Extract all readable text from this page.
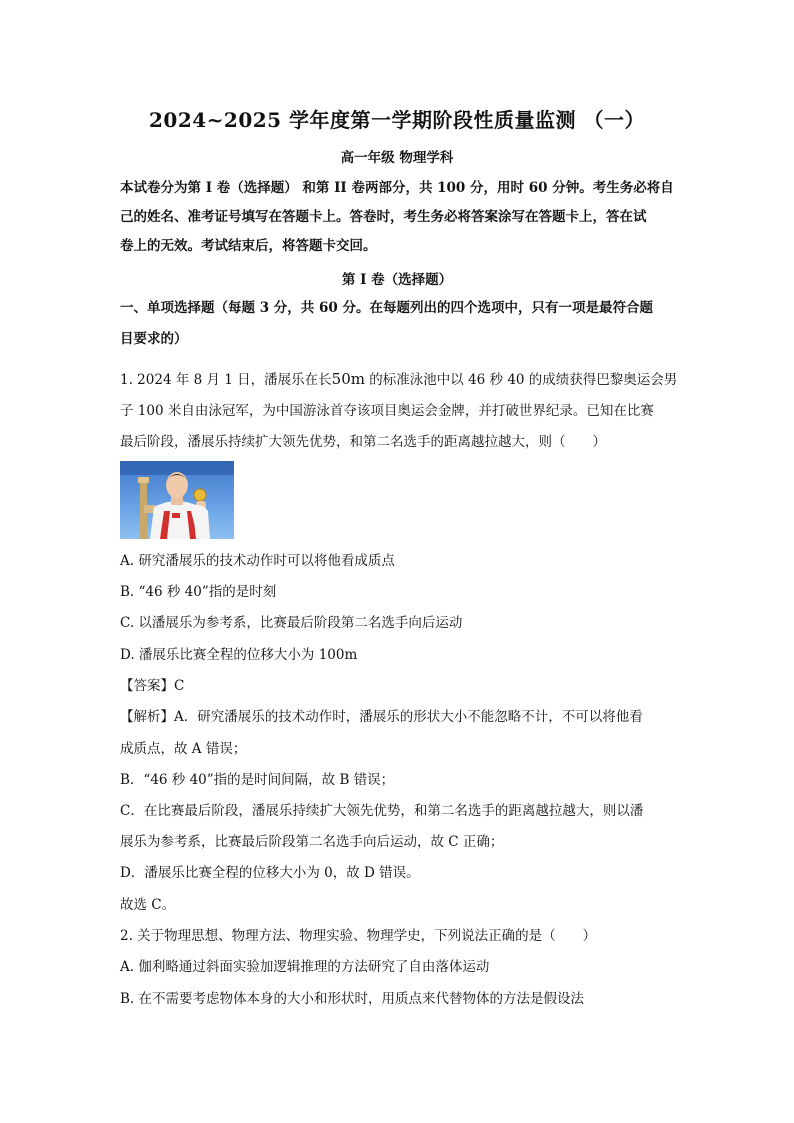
2024~2025 学年度第一学期阶段性质量监测 （一）
高一年级 物理学科
本试卷分为第 I 卷（选择题） 和第 II 卷两部分，共 100 分，用时 60 分钟。考生务必将自
己的姓名、准考证号填写在答题卡上。答卷时，考生务必将答案涂写在答题卡上，答在试
卷上的无效。考试结束后，将答题卡交回。
第 I 卷（选择题）
一、单项选择题（每题 3 分，共 60 分。在每题列出的四个选项中，只有一项是最符合题
目要求的）
1. 2024 年 8 月 1 日，潘展乐在长50m 的标准泳池中以 46 秒 40 的成绩获得巴黎奥运会男
子 100 米自由泳冠军，为中国游泳首夺该项目奥运会金牌，并打破世界纪录。已知在比赛
最后阶段，潘展乐持续扩大领先优势，和第二名选手的距离越拉越大，则（　　）
A. 研究潘展乐的技术动作时可以将他看成质点
B. “46 秒 40”指的是时刻
C. 以潘展乐为参考系，比赛最后阶段第二名选手向后运动
D. 潘展乐比赛全程的位移大小为 100m
【答案】C
【解析】A．研究潘展乐的技术动作时，潘展乐的形状大小不能忽略不计，不可以将他看
成质点，故 A 错误；
B．“46 秒 40”指的是时间间隔，故 B 错误；
C．在比赛最后阶段，潘展乐持续扩大领先优势，和第二名选手的距离越拉越大，则以潘
展乐为参考系，比赛最后阶段第二名选手向后运动，故 C 正确；
D．潘展乐比赛全程的位移大小为 0，故 D 错误。
故选 C。
2. 关于物理思想、物理方法、物理实验、物理学史，下列说法正确的是（　　）
A. 伽利略通过斜面实验加逻辑推理的方法研究了自由落体运动
B. 在不需要考虑物体本身的大小和形状时，用质点来代替物体的方法是假设法
